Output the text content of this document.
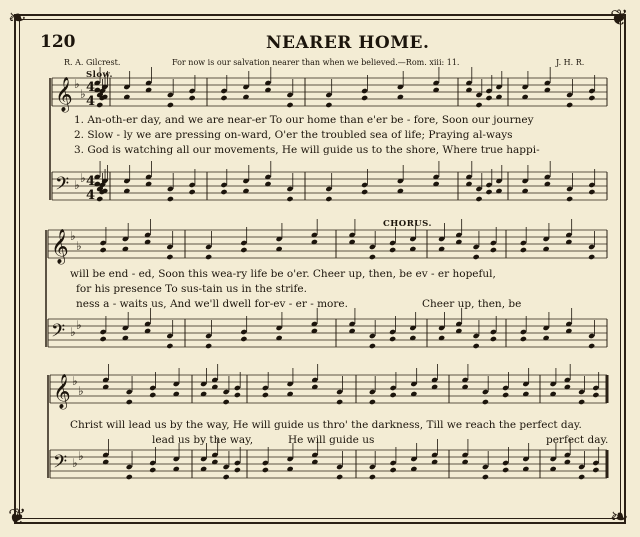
❧	❦
❦	❧
𝄞 ♭
♭
𝄢 ♭ ♭
𝄞 ♭
♭
𝄢 ♭ ♭
𝄞 ♭
♭
𝄢 ♭ ♭
4
4
4
4
120	NEARER HOME.
R. A. Gilcrest.	For now is our salvation nearer than when we believed.—Rom. xiii: 11.	J. H. R.
Slow.
1. An-oth-er day, and we are near-er To our home than e'er be - fore, Soon our journey
2. Slow - ly we are pressing on-ward, O'er the troubled sea of life; Praying al-ways
3. God is watching all our movements, He will guide us to the shore, Where true happi-
CHORUS.
will be end - ed, Soon this wea-ry life be o'er. Cheer up, then, be ev - er hopeful,
for his presence To sus-tain us in the strife.
ness a - waits us, And we'll dwell for-ev - er - more.	Cheer up, then, be
Christ will lead us by the way, He will guide us thro' the darkness, Till we reach the perfect day.
lead us by the way,	He will guide us	perfect day.
